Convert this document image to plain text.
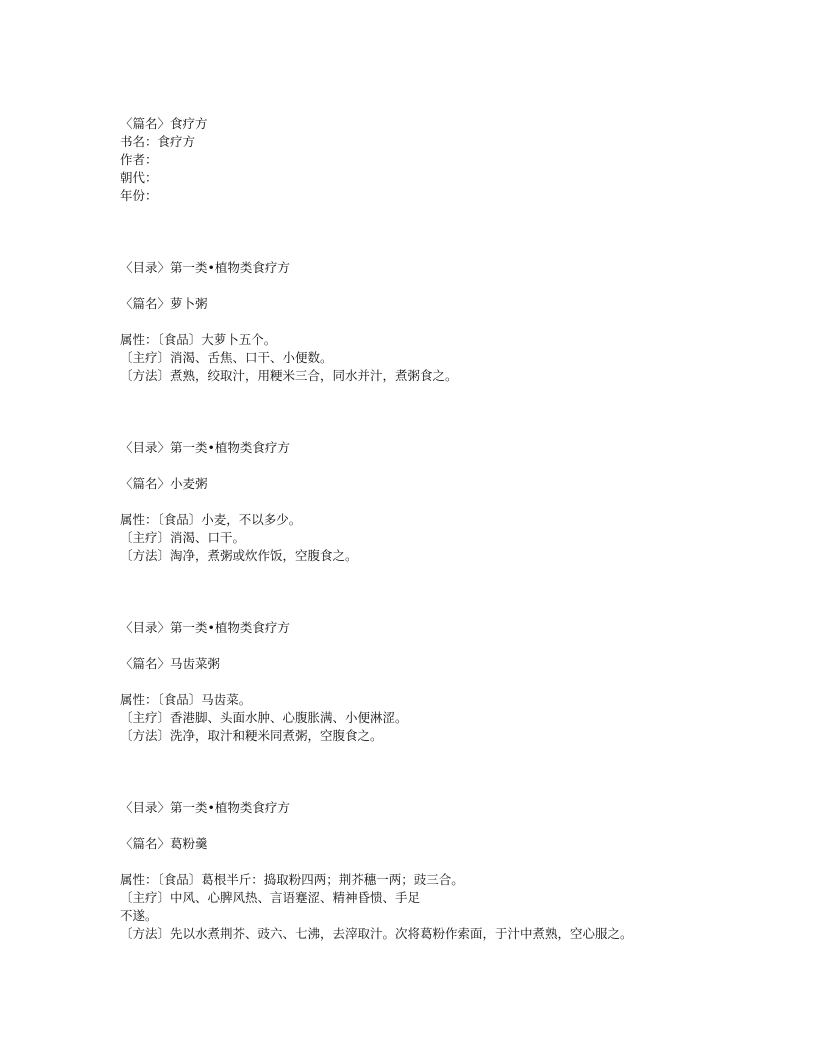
〈篇名〉食疗方
书名：食疗方
作者：
朝代：
年份：
〈目录〉第一类•植物类食疗方
〈篇名〉萝卜粥
属性：〔食品〕大萝卜五个。
〔主疗〕消渴、舌焦、口干、小便数。
〔方法〕煮熟，绞取汁，用粳米三合，同水并汁，煮粥食之。
〈目录〉第一类•植物类食疗方
〈篇名〉小麦粥
属性：〔食品〕小麦，不以多少。
〔主疗〕消渴、口干。
〔方法〕淘净，煮粥或炊作饭，空腹食之。
〈目录〉第一类•植物类食疗方
〈篇名〉马齿菜粥
属性：〔食品〕马齿菜。
〔主疗〕香港脚、头面水肿、心腹胀满、小便淋涩。
〔方法〕洗净，取汁和粳米同煮粥，空腹食之。
〈目录〉第一类•植物类食疗方
〈篇名〉葛粉羹
属性：〔食品〕葛根半斤：捣取粉四两；荆芥穗一两；豉三合。
〔主疗〕中风、心脾风热、言语蹇涩、精神昏愦、手足
不遂。
〔方法〕先以水煮荆芥、豉六、七沸，去滓取汁。次将葛粉作索面，于汁中煮熟，空心服之。
